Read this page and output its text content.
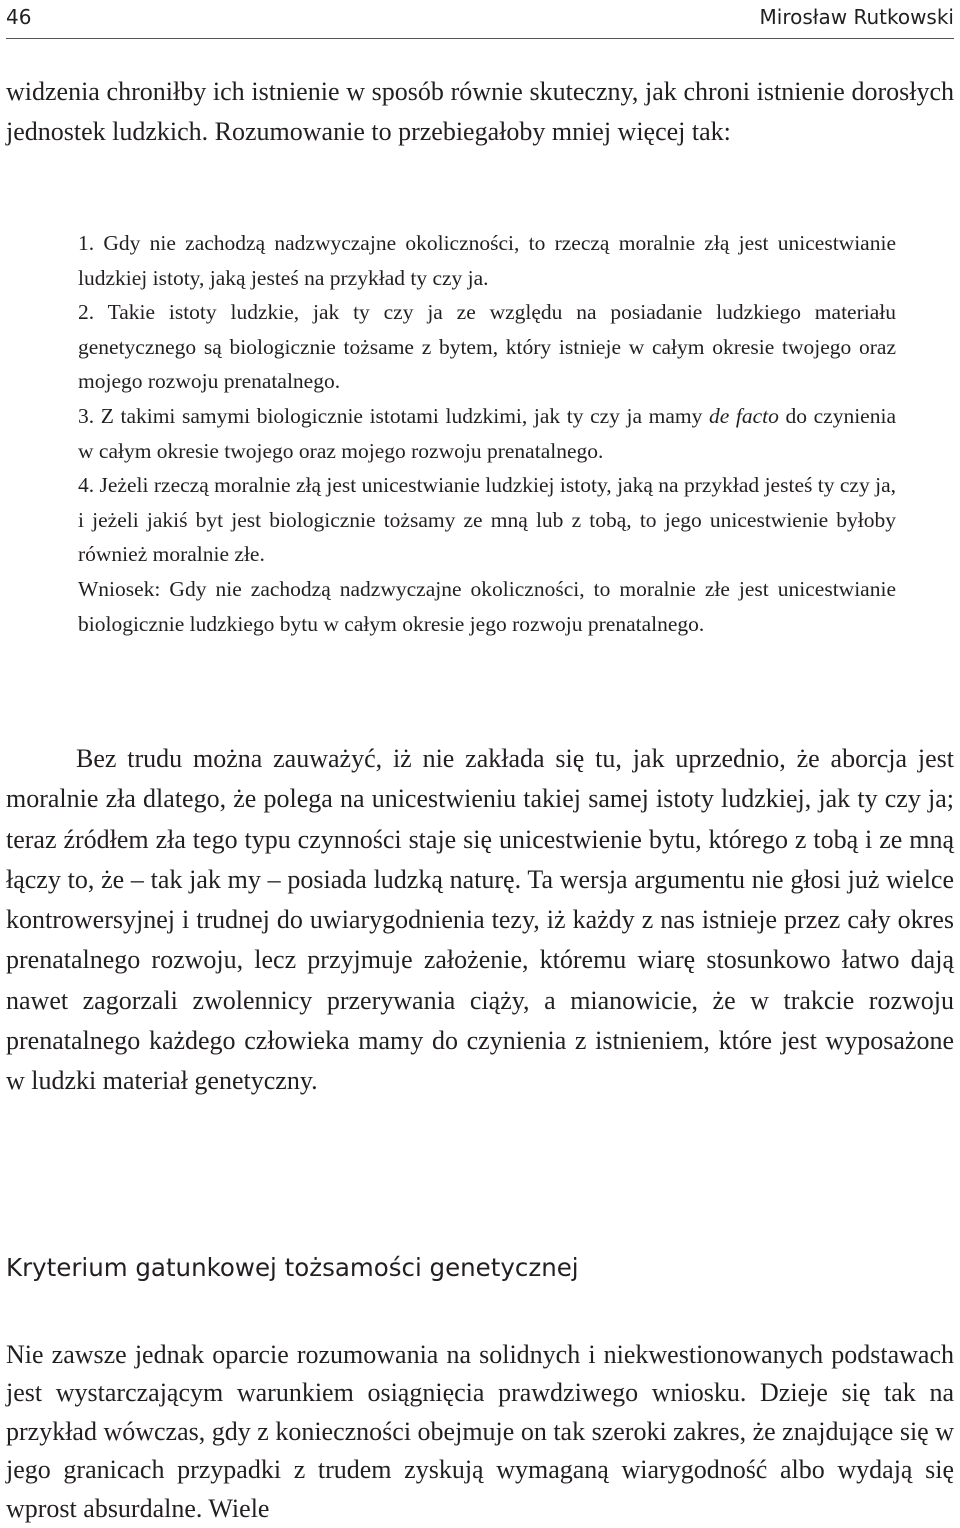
46	Mirosław Rutkowski

widzenia chroniłby ich istnienie w sposób równie skuteczny, jak chroni istnienie dorosłych jednostek ludzkich. Rozumowanie to przebiegałoby mniej więcej tak:

1. Gdy nie zachodzą nadzwyczajne okoliczności, to rzeczą moralnie złą jest unicestwianie ludzkiej istoty, jaką jesteś na przykład ty czy ja.

2. Takie istoty ludzkie, jak ty czy ja ze względu na posiadanie ludzkiego materiału genetycznego są biologicznie tożsame z bytem, który istnieje w całym okresie twojego oraz mojego rozwoju prenatalnego.

3. Z takimi samymi biologicznie istotami ludzkimi, jak ty czy ja mamy de facto do czynienia w całym okresie twojego oraz mojego rozwoju prenatalnego.

4. Jeżeli rzeczą moralnie złą jest unicestwianie ludzkiej istoty, jaką na przykład jesteś ty czy ja, i jeżeli jakiś byt jest biologicznie tożsamy ze mną lub z tobą, to jego unicestwienie byłoby również moralnie złe.

Wniosek: Gdy nie zachodzą nadzwyczajne okoliczności, to moralnie złe jest unicestwianie biologicznie ludzkiego bytu w całym okresie jego rozwoju prenatalnego.

Bez trudu można zauważyć, iż nie zakłada się tu, jak uprzednio, że aborcja jest moralnie zła dlatego, że polega na unicestwieniu takiej samej istoty ludzkiej, jak ty czy ja; teraz źródłem zła tego typu czynności staje się unicestwienie bytu, którego z tobą i ze mną łączy to, że – tak jak my – posiada ludzką naturę. Ta wersja argumentu nie głosi już wielce kontrowersyjnej i trudnej do uwiarygodnienia tezy, iż każdy z nas istnieje przez cały okres prenatalnego rozwoju, lecz przyjmuje założenie, któremu wiarę stosunkowo łatwo dają nawet zagorzali zwolennicy przerywania ciąży, a mianowicie, że w trakcie rozwoju prenatalnego każdego człowieka mamy do czynienia z istnieniem, które jest wyposażone w ludzki materiał genetyczny.

Kryterium gatunkowej tożsamości genetycznej

Nie zawsze jednak oparcie rozumowania na solidnych i niekwestionowanych podstawach jest wystarczającym warunkiem osiągnięcia prawdziwego wniosku. Dzieje się tak na przykład wówczas, gdy z konieczności obejmuje on tak szeroki zakres, że znajdujące się w jego granicach przypadki z trudem zyskują wymaganą wiarygodność albo wydają się wprost absurdalne. Wiele
